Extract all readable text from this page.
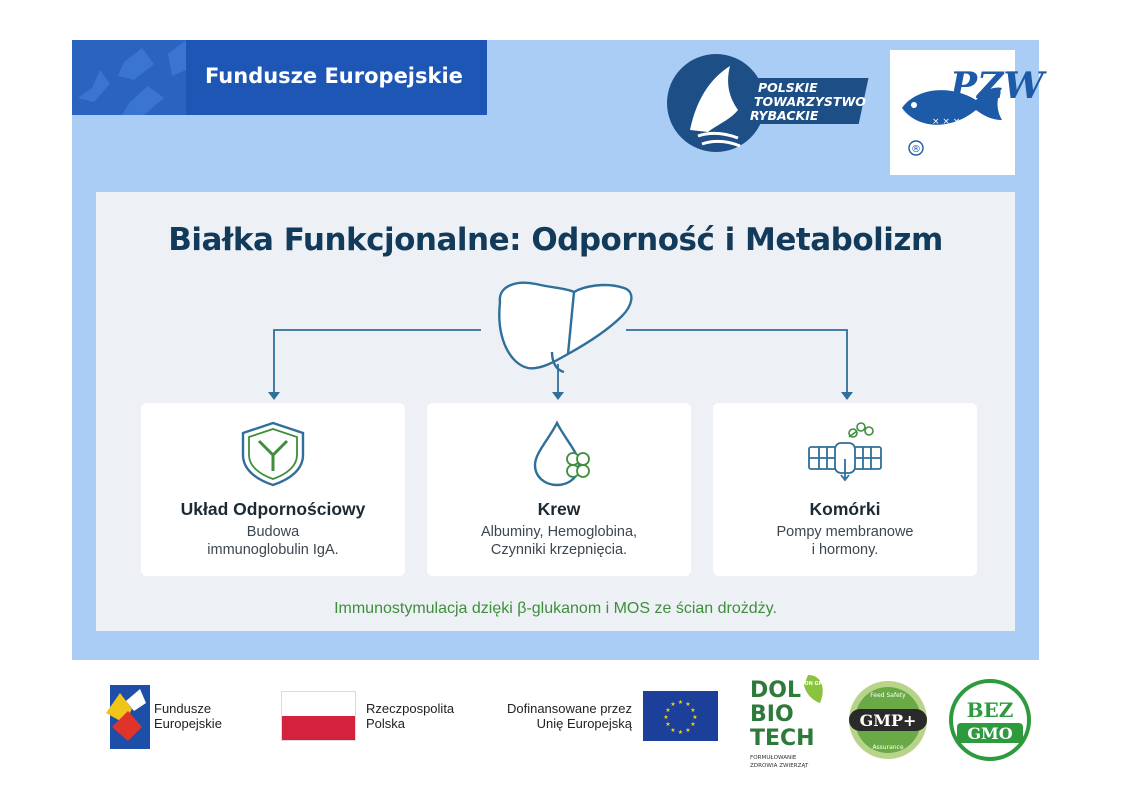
Fundusze Europejskie	POLSKIE
TOWARZYSTWO
RYBACKIE
PZW
× × × × × ×
®
Białka Funkcjonalne: Odporność i Metabolizm
Układ Odpornościowy
Budowa
immunoglobulin IgA.
Krew
Albuminy, Hemoglobina,
Czynniki krzepnięcia.
Komórki
Pompy membranowe
i hormony.
Immunostymulacja dzięki β-glukanom i MOS ze ścian drożdży.
Fundusze
Europejskie
Rzeczpospolita
Polska
Dofinansowane przez
Unię Europejską
★ ★
★
★
★
★
★
★
★
★
★
★
NON GMO
DOL
BIO
TECH
FORMUŁOWANIE
ZDROWIA ZWIERZĄT
GMP+
Feed Safety
Assurance
BEZ
GMO
